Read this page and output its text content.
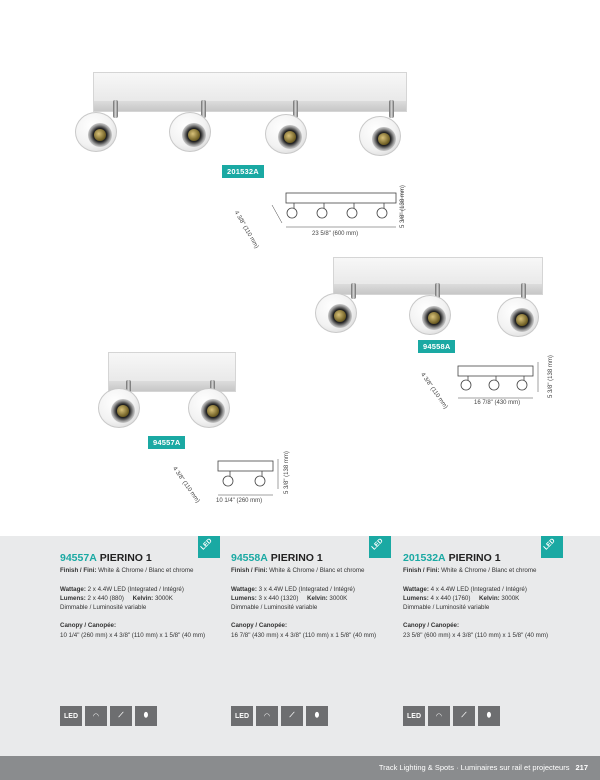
201532A
23 5/8" (600 mm)
5 3/8" (138 mm)
4 3/8" (110 mm)
94558A
16 7/8" (430 mm)
5 3/8" (138 mm)
4 3/8" (110 mm)
94557A
10 1/4" (260 mm)
5 3/8" (138 mm)
4 3/8" (110 mm)
LED
94557A PIERINO 1
Finish / Fini: White & Chrome / Blanc et chrome
Wattage: 2 x 4.4W LED (Integrated / Intégré)
Lumens: 2 x 440 (880) Kelvin: 3000K
Dimmable / Luminosité variable
Canopy / Canopée:
10 1/4" (260 mm) x 4 3/8" (110 mm) x 1 5/8" (40 mm)
LED	◠	⟋	⬮
LED
94558A PIERINO 1
Finish / Fini: White & Chrome / Blanc et chrome
Wattage: 3 x 4.4W LED (Integrated / Intégré)
Lumens: 3 x 440 (1320) Kelvin: 3000K
Dimmable / Luminosité variable
Canopy / Canopée:
16 7/8" (430 mm) x 4 3/8" (110 mm) x 1 5/8" (40 mm)
LED	◠	⟋	⬮
LED
201532A PIERINO 1
Finish / Fini: White & Chrome / Blanc et chrome
Wattage: 4 x 4.4W LED (Integrated / Intégré)
Lumens: 4 x 440 (1760) Kelvin: 3000K
Dimmable / Luminosité variable
Canopy / Canopée:
23 5/8" (600 mm) x 4 3/8" (110 mm) x 1 5/8" (40 mm)
LED	◠	⟋	⬮
Track Lighting & Spots · Luminaires sur rail et projecteurs 217
